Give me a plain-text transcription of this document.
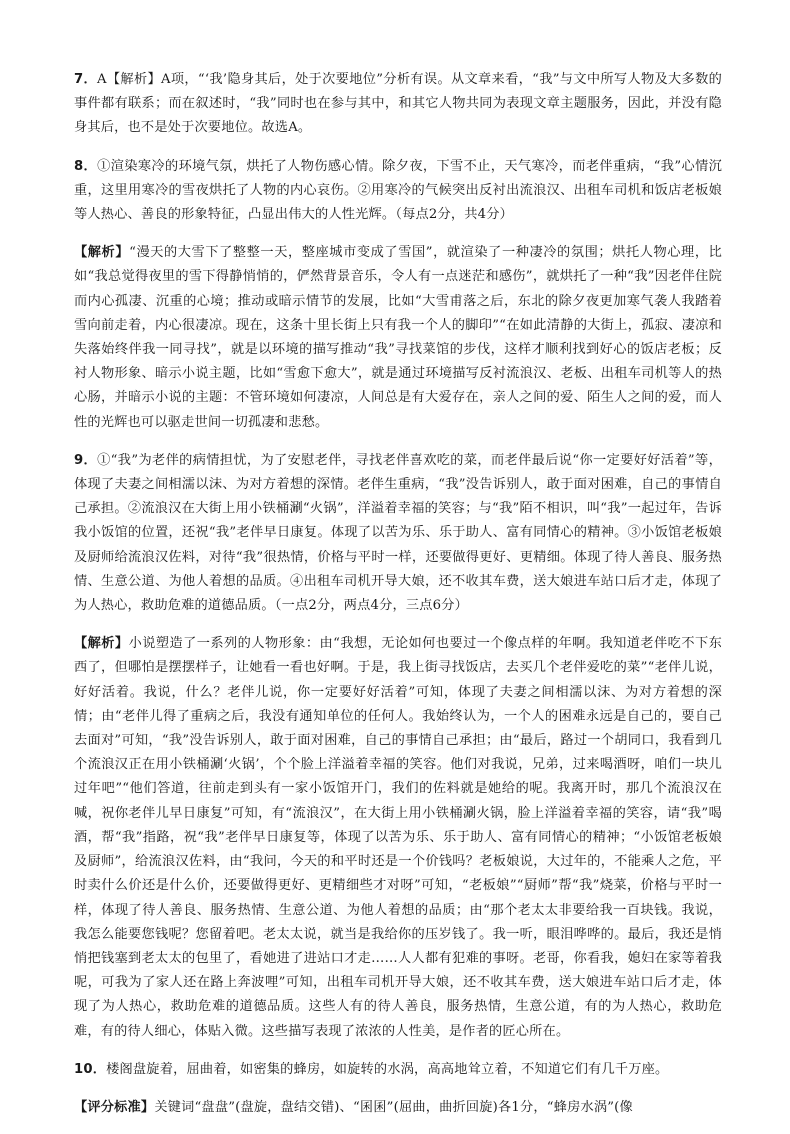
7．A【解析】A项，“‘我’隐身其后，处于次要地位”分析有误。从文章来看，“我”与文中所写人物及大多数的事件都有联系；而在叙述时，“我”同时也在参与其中，和其它人物共同为表现文章主题服务，因此，并没有隐身其后，也不是处于次要地位。故选A。

8．①渲染寒冷的环境气氛，烘托了人物伤感心情。除夕夜，下雪不止，天气寒冷，而老伴重病，“我”心情沉重，这里用寒冷的雪夜烘托了人物的内心哀伤。②用寒冷的气候突出反衬出流浪汉、出租车司机和饭店老板娘等人热心、善良的形象特征，凸显出伟大的人性光辉。（每点2分，共4分）

【解析】“漫天的大雪下了整整一天，整座城市变成了雪国”，就渲染了一种凄冷的氛围；烘托人物心理，比如“我总觉得夜里的雪下得静悄悄的，俨然背景音乐，令人有一点迷茫和感伤”，就烘托了一种“我”因老伴住院而内心孤凄、沉重的心境；推动或暗示情节的发展，比如“大雪甫落之后，东北的除夕夜更加寒气袭人我踏着雪向前走着，内心很凄凉。现在，这条十里长街上只有我一个人的脚印”“在如此清静的大街上，孤寂、凄凉和失落始终伴我一同寻找”，就是以环境的描写推动“我”寻找菜馆的步伐，这样才顺利找到好心的饭店老板；反衬人物形象、暗示小说主题，比如“雪愈下愈大”，就是通过环境描写反衬流浪汉、老板、出租车司机等人的热心肠，并暗示小说的主题：不管环境如何凄凉，人间总是有大爱存在，亲人之间的爱、陌生人之间的爱，而人性的光辉也可以驱走世间一切孤凄和悲愁。

9．①“我”为老伴的病情担忧，为了安慰老伴，寻找老伴喜欢吃的菜，而老伴最后说“你一定要好好活着”等，体现了夫妻之间相濡以沫、为对方着想的深情。老伴生重病，“我”没告诉别人，敢于面对困难，自己的事情自己承担。②流浪汉在大街上用小铁桶涮“火锅”，洋溢着幸福的笑容；与“我”陌不相识，叫“我”一起过年，告诉我小饭馆的位置，还祝“我”老伴早日康复。体现了以苦为乐、乐于助人、富有同情心的精神。③小饭馆老板娘及厨师给流浪汉佐料，对待“我”很热情，价格与平时一样，还要做得更好、更精细。体现了待人善良、服务热情、生意公道、为他人着想的品质。④出租车司机开导大娘，还不收其车费，送大娘进车站口后才走，体现了为人热心，救助危难的道德品质。（一点2分，两点4分，三点6分）

【解析】小说塑造了一系列的人物形象：由“我想，无论如何也要过一个像点样的年啊。我知道老伴吃不下东西了，但哪怕是摆摆样子，让她看一看也好啊。于是，我上街寻找饭店，去买几个老伴爱吃的菜”“老伴儿说，好好活着。我说，什么？老伴儿说，你一定要好好活着”可知，体现了夫妻之间相濡以沫、为对方着想的深情；由“老伴儿得了重病之后，我没有通知单位的任何人。我始终认为，一个人的困难永远是自己的，要自己去面对”可知，“我”没告诉别人，敢于面对困难，自己的事情自己承担；由“最后，路过一个胡同口，我看到几个流浪汉正在用小铁桶涮‘火锅’，个个脸上洋溢着幸福的笑容。他们对我说，兄弟，过来喝酒呀，咱们一块儿过年吧”“他们答道，往前走到头有一家小饭馆开门，我们的佐料就是她给的呢。我离开时，那几个流浪汉在喊，祝你老伴儿早日康复”可知，有“流浪汉”，在大街上用小铁桶涮火锅，脸上洋溢着幸福的笑容，请“我”喝酒，帮“我”指路，祝“我”老伴早日康复等，体现了以苦为乐、乐于助人、富有同情心的精神；“小饭馆老板娘及厨师”，给流浪汉佐料，由“我问，今天的和平时还是一个价钱吗？老板娘说，大过年的，不能乘人之危，平时卖什么价还是什么价，还要做得更好、更精细些才对呀”可知，“老板娘”“厨师”帮“我”烧菜，价格与平时一样，体现了待人善良、服务热情、生意公道、为他人着想的品质；由“那个老太太非要给我一百块钱。我说，我怎么能要您钱呢？您留着吧。老太太说，就当是我给你的压岁钱了。我一听，眼泪哗哗的。最后，我还是悄悄把钱塞到老太太的包里了，看她进了进站口才走……人人都有犯难的事呀。老哥，你看我，媳妇在家等着我呢，可我为了家人还在路上奔波哩”可知，出租车司机开导大娘，还不收其车费，送大娘进车站口后才走，体现了为人热心，救助危难的道德品质。这些人有的待人善良，服务热情，生意公道，有的为人热心，救助危难，有的待人细心，体贴入微。这些描写表现了浓浓的人性美，是作者的匠心所在。

10．楼阁盘旋着，屈曲着，如密集的蜂房，如旋转的水涡，高高地耸立着，不知道它们有几千万座。

【评分标准】关键词“盘盘”(盘旋，盘结交错)、“囷囷”(屈曲，曲折回旋)各1分，“蜂房水涡”(像
